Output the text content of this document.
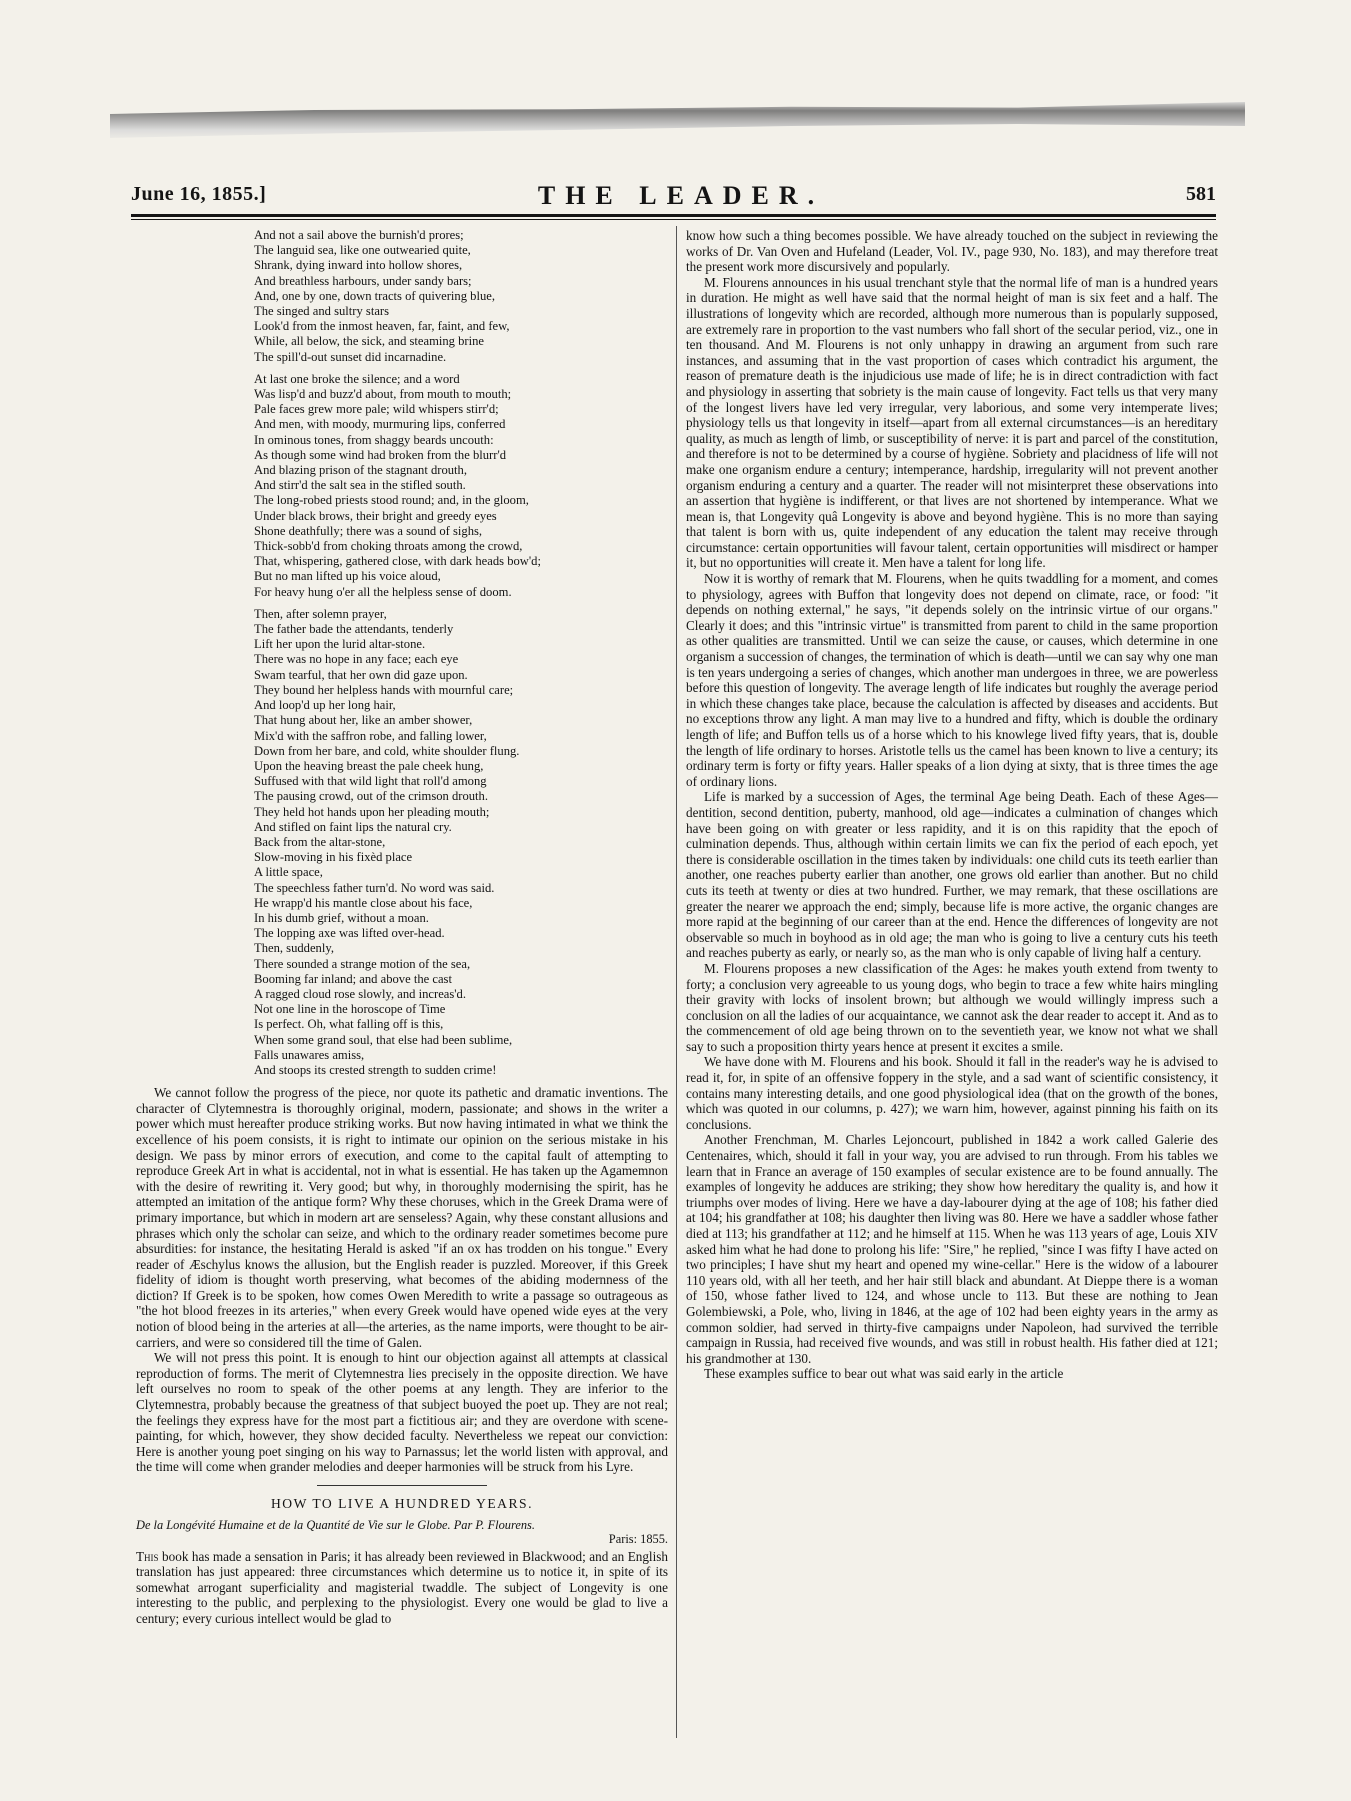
June 16, 1855.]	THE LEADER.	581
And not a sail above the burnish'd prores;
The languid sea, like one outwearied quite,
Shrank, dying inward into hollow shores,
And breathless harbours, under sandy bars;
And, one by one, down tracts of quivering blue,
The singed and sultry stars
Look'd from the inmost heaven, far, faint, and few,
While, all below, the sick, and steaming brine
The spill'd-out sunset did incarnadine.
At last one broke the silence; and a word
Was lisp'd and buzz'd about, from mouth to mouth;
Pale faces grew more pale; wild whispers stirr'd;
And men, with moody, murmuring lips, conferred
In ominous tones, from shaggy beards uncouth:
As though some wind had broken from the blurr'd
And blazing prison of the stagnant drouth,
And stirr'd the salt sea in the stifled south.
The long-robed priests stood round; and, in the gloom,
Under black brows, their bright and greedy eyes
Shone deathfully; there was a sound of sighs,
Thick-sobb'd from choking throats among the crowd,
That, whispering, gathered close, with dark heads bow'd;
But no man lifted up his voice aloud,
For heavy hung o'er all the helpless sense of doom.
Then, after solemn prayer,
The father bade the attendants, tenderly
Lift her upon the lurid altar-stone.
There was no hope in any face; each eye
Swam tearful, that her own did gaze upon.
They bound her helpless hands with mournful care;
And loop'd up her long hair,
That hung about her, like an amber shower,
Mix'd with the saffron robe, and falling lower,
Down from her bare, and cold, white shoulder flung.
Upon the heaving breast the pale cheek hung,
Suffused with that wild light that roll'd among
The pausing crowd, out of the crimson drouth.
They held hot hands upon her pleading mouth;
And stifled on faint lips the natural cry.
Back from the altar-stone,
Slow-moving in his fixèd place
A little space,
The speechless father turn'd. No word was said.
He wrapp'd his mantle close about his face,
In his dumb grief, without a moan.
The lopping axe was lifted over-head.
Then, suddenly,
There sounded a strange motion of the sea,
Booming far inland; and above the cast
A ragged cloud rose slowly, and increas'd.
Not one line in the horoscope of Time
Is perfect. Oh, what falling off is this,
When some grand soul, that else had been sublime,
Falls unawares amiss,
And stoops its crested strength to sudden crime!

We cannot follow the progress of the piece, nor quote its pathetic and dramatic inventions. The character of Clytemnestra is thoroughly original, modern, passionate; and shows in the writer a power which must hereafter produce striking works. But now having intimated in what we think the excellence of his poem consists, it is right to intimate our opinion on the serious mistake in his design. We pass by minor errors of execution, and come to the capital fault of attempting to reproduce Greek Art in what is accidental, not in what is essential. He has taken up the Agamemnon with the desire of rewriting it. Very good; but why, in thoroughly modernising the spirit, has he attempted an imitation of the antique form? Why these choruses, which in the Greek Drama were of primary importance, but which in modern art are senseless? Again, why these constant allusions and phrases which only the scholar can seize, and which to the ordinary reader sometimes become pure absurdities: for instance, the hesitating Herald is asked "if an ox has trodden on his tongue." Every reader of Æschylus knows the allusion, but the English reader is puzzled. Moreover, if this Greek fidelity of idiom is thought worth preserving, what becomes of the abiding modernness of the diction? If Greek is to be spoken, how comes Owen Meredith to write a passage so outrageous as "the hot blood freezes in its arteries," when every Greek would have opened wide eyes at the very notion of blood being in the arteries at all—the arteries, as the name imports, were thought to be air-carriers, and were so considered till the time of Galen.

We will not press this point. It is enough to hint our objection against all attempts at classical reproduction of forms. The merit of Clytemnestra lies precisely in the opposite direction. We have left ourselves no room to speak of the other poems at any length. They are inferior to the Clytemnestra, probably because the greatness of that subject buoyed the poet up. They are not real; the feelings they express have for the most part a fictitious air; and they are overdone with scene-painting, for which, however, they show decided faculty. Nevertheless we repeat our conviction: Here is another young poet singing on his way to Parnassus; let the world listen with approval, and the time will come when grander melodies and deeper harmonies will be struck from his Lyre.

HOW TO LIVE A HUNDRED YEARS.
De la Longévité Humaine et de la Quantité de Vie sur le Globe. Par P. Flourens.
Paris: 1855.

This book has made a sensation in Paris; it has already been reviewed in Blackwood; and an English translation has just appeared: three circumstances which determine us to notice it, in spite of its somewhat arrogant superficiality and magisterial twaddle. The subject of Longevity is one interesting to the public, and perplexing to the physiologist. Every one would be glad to live a century; every curious intellect would be glad to

know how such a thing becomes possible. We have already touched on the subject in reviewing the works of Dr. Van Oven and Hufeland (Leader, Vol. IV., page 930, No. 183), and may therefore treat the present work more discursively and popularly.

M. Flourens announces in his usual trenchant style that the normal life of man is a hundred years in duration. He might as well have said that the normal height of man is six feet and a half. The illustrations of longevity which are recorded, although more numerous than is popularly supposed, are extremely rare in proportion to the vast numbers who fall short of the secular period, viz., one in ten thousand. And M. Flourens is not only unhappy in drawing an argument from such rare instances, and assuming that in the vast proportion of cases which contradict his argument, the reason of premature death is the injudicious use made of life; he is in direct contradiction with fact and physiology in asserting that sobriety is the main cause of longevity. Fact tells us that very many of the longest livers have led very irregular, very laborious, and some very intemperate lives; physiology tells us that longevity in itself—apart from all external circumstances—is an hereditary quality, as much as length of limb, or susceptibility of nerve: it is part and parcel of the constitution, and therefore is not to be determined by a course of hygiène. Sobriety and placidness of life will not make one organism endure a century; intemperance, hardship, irregularity will not prevent another organism enduring a century and a quarter. The reader will not misinterpret these observations into an assertion that hygiène is indifferent, or that lives are not shortened by intemperance. What we mean is, that Longevity quâ Longevity is above and beyond hygiène. This is no more than saying that talent is born with us, quite independent of any education the talent may receive through circumstance: certain opportunities will favour talent, certain opportunities will misdirect or hamper it, but no opportunities will create it. Men have a talent for long life.

Now it is worthy of remark that M. Flourens, when he quits twaddling for a moment, and comes to physiology, agrees with Buffon that longevity does not depend on climate, race, or food: "it depends on nothing external," he says, "it depends solely on the intrinsic virtue of our organs." Clearly it does; and this "intrinsic virtue" is transmitted from parent to child in the same proportion as other qualities are transmitted. Until we can seize the cause, or causes, which determine in one organism a succession of changes, the termination of which is death—until we can say why one man is ten years undergoing a series of changes, which another man undergoes in three, we are powerless before this question of longevity. The average length of life indicates but roughly the average period in which these changes take place, because the calculation is affected by diseases and accidents. But no exceptions throw any light. A man may live to a hundred and fifty, which is double the ordinary length of life; and Buffon tells us of a horse which to his knowlege lived fifty years, that is, double the length of life ordinary to horses. Aristotle tells us the camel has been known to live a century; its ordinary term is forty or fifty years. Haller speaks of a lion dying at sixty, that is three times the age of ordinary lions.

Life is marked by a succession of Ages, the terminal Age being Death. Each of these Ages—dentition, second dentition, puberty, manhood, old age—indicates a culmination of changes which have been going on with greater or less rapidity, and it is on this rapidity that the epoch of culmination depends. Thus, although within certain limits we can fix the period of each epoch, yet there is considerable oscillation in the times taken by individuals: one child cuts its teeth earlier than another, one reaches puberty earlier than another, one grows old earlier than another. But no child cuts its teeth at twenty or dies at two hundred. Further, we may remark, that these oscillations are greater the nearer we approach the end; simply, because life is more active, the organic changes are more rapid at the beginning of our career than at the end. Hence the differences of longevity are not observable so much in boyhood as in old age; the man who is going to live a century cuts his teeth and reaches puberty as early, or nearly so, as the man who is only capable of living half a century.

M. Flourens proposes a new classification of the Ages: he makes youth extend from twenty to forty; a conclusion very agreeable to us young dogs, who begin to trace a few white hairs mingling their gravity with locks of insolent brown; but although we would willingly impress such a conclusion on all the ladies of our acquaintance, we cannot ask the dear reader to accept it. And as to the commencement of old age being thrown on to the seventieth year, we know not what we shall say to such a proposition thirty years hence at present it excites a smile.

We have done with M. Flourens and his book. Should it fall in the reader's way he is advised to read it, for, in spite of an offensive foppery in the style, and a sad want of scientific consistency, it contains many interesting details, and one good physiological idea (that on the growth of the bones, which was quoted in our columns, p. 427); we warn him, however, against pinning his faith on its conclusions.

Another Frenchman, M. Charles Lejoncourt, published in 1842 a work called Galerie des Centenaires, which, should it fall in your way, you are advised to run through. From his tables we learn that in France an average of 150 examples of secular existence are to be found annually. The examples of longevity he adduces are striking; they show how hereditary the quality is, and how it triumphs over modes of living. Here we have a day-labourer dying at the age of 108; his father died at 104; his grandfather at 108; his daughter then living was 80. Here we have a saddler whose father died at 113; his grandfather at 112; and he himself at 115. When he was 113 years of age, Louis XIV asked him what he had done to prolong his life: "Sire," he replied, "since I was fifty I have acted on two principles; I have shut my heart and opened my wine-cellar." Here is the widow of a labourer 110 years old, with all her teeth, and her hair still black and abundant. At Dieppe there is a woman of 150, whose father lived to 124, and whose uncle to 113. But these are nothing to Jean Golembiewski, a Pole, who, living in 1846, at the age of 102 had been eighty years in the army as common soldier, had served in thirty-five campaigns under Napoleon, had survived the terrible campaign in Russia, had received five wounds, and was still in robust health. His father died at 121; his grandmother at 130.

These examples suffice to bear out what was said early in the article
